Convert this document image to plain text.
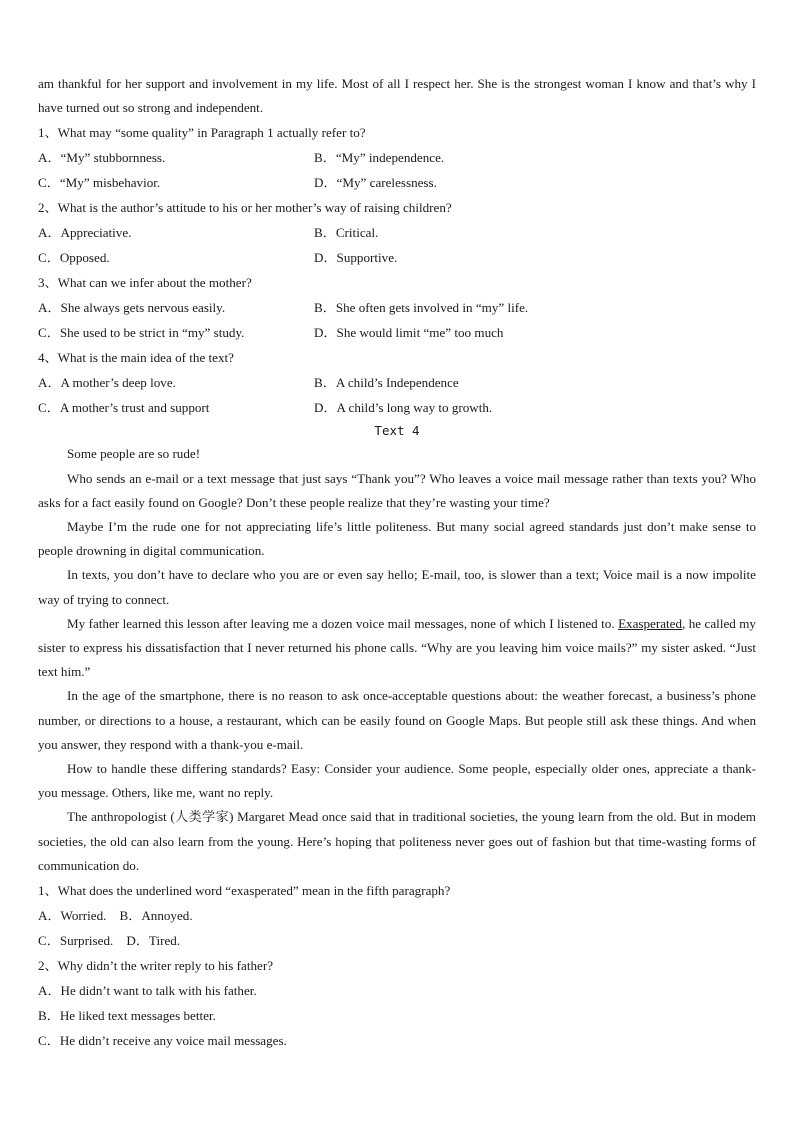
am thankful for her support and involvement in my life. Most of all I respect her. She is the strongest woman I know and that’s why I have turned out so strong and independent.
1、What may “some quality” in Paragraph 1 actually refer to?
A．“My” stubbornness.	B．“My” independence.
C．“My” misbehavior.	D．“My” carelessness.
2、What is the author’s attitude to his or her mother’s way of raising children?
A．Appreciative.	B．Critical.
C．Opposed.	D．Supportive.
3、What can we infer about the mother?
A．She always gets nervous easily.	B．She often gets involved in “my” life.
C．She used to be strict in “my” study.	D．She would limit “me” too much
4、What is the main idea of the text?
A．A mother’s deep love.	B．A child’s Independence
C．A mother’s trust and support	D．A child’s long way to growth.
Text 4
Some people are so rude!
Who sends an e-mail or a text message that just says “Thank you”? Who leaves a voice mail message rather than texts you? Who asks for a fact easily found on Google? Don’t these people realize that they’re wasting your time?
Maybe I’m the rude one for not appreciating life’s little politeness. But many social agreed standards just don’t make sense to people drowning in digital communication.
In texts, you don’t have to declare who you are or even say hello; E-mail, too, is slower than a text; Voice mail is a now impolite way of trying to connect.
My father learned this lesson after leaving me a dozen voice mail messages, none of which I listened to. Exasperated, he called my sister to express his dissatisfaction that I never returned his phone calls. “Why are you leaving him voice mails?” my sister asked. “Just text him.”
In the age of the smartphone, there is no reason to ask once-acceptable questions about: the weather forecast, a business’s phone number, or directions to a house, a restaurant, which can be easily found on Google Maps. But people still ask these things. And when you answer, they respond with a thank-you e-mail.
How to handle these differing standards? Easy: Consider your audience. Some people, especially older ones, appreciate a thank-you message. Others, like me, want no reply.
The anthropologist (人类学家) Margaret Mead once said that in traditional societies, the young learn from the old. But in modem societies, the old can also learn from the young. Here’s hoping that politeness never goes out of fashion but that time-wasting forms of communication do.
1、What does the underlined word “exasperated” mean in the fifth paragraph?
A．Worried.　B．Annoyed.
C．Surprised.　D．Tired.
2、Why didn’t the writer reply to his father?
A．He didn’t want to talk with his father.
B．He liked text messages better.
C．He didn’t receive any voice mail messages.
